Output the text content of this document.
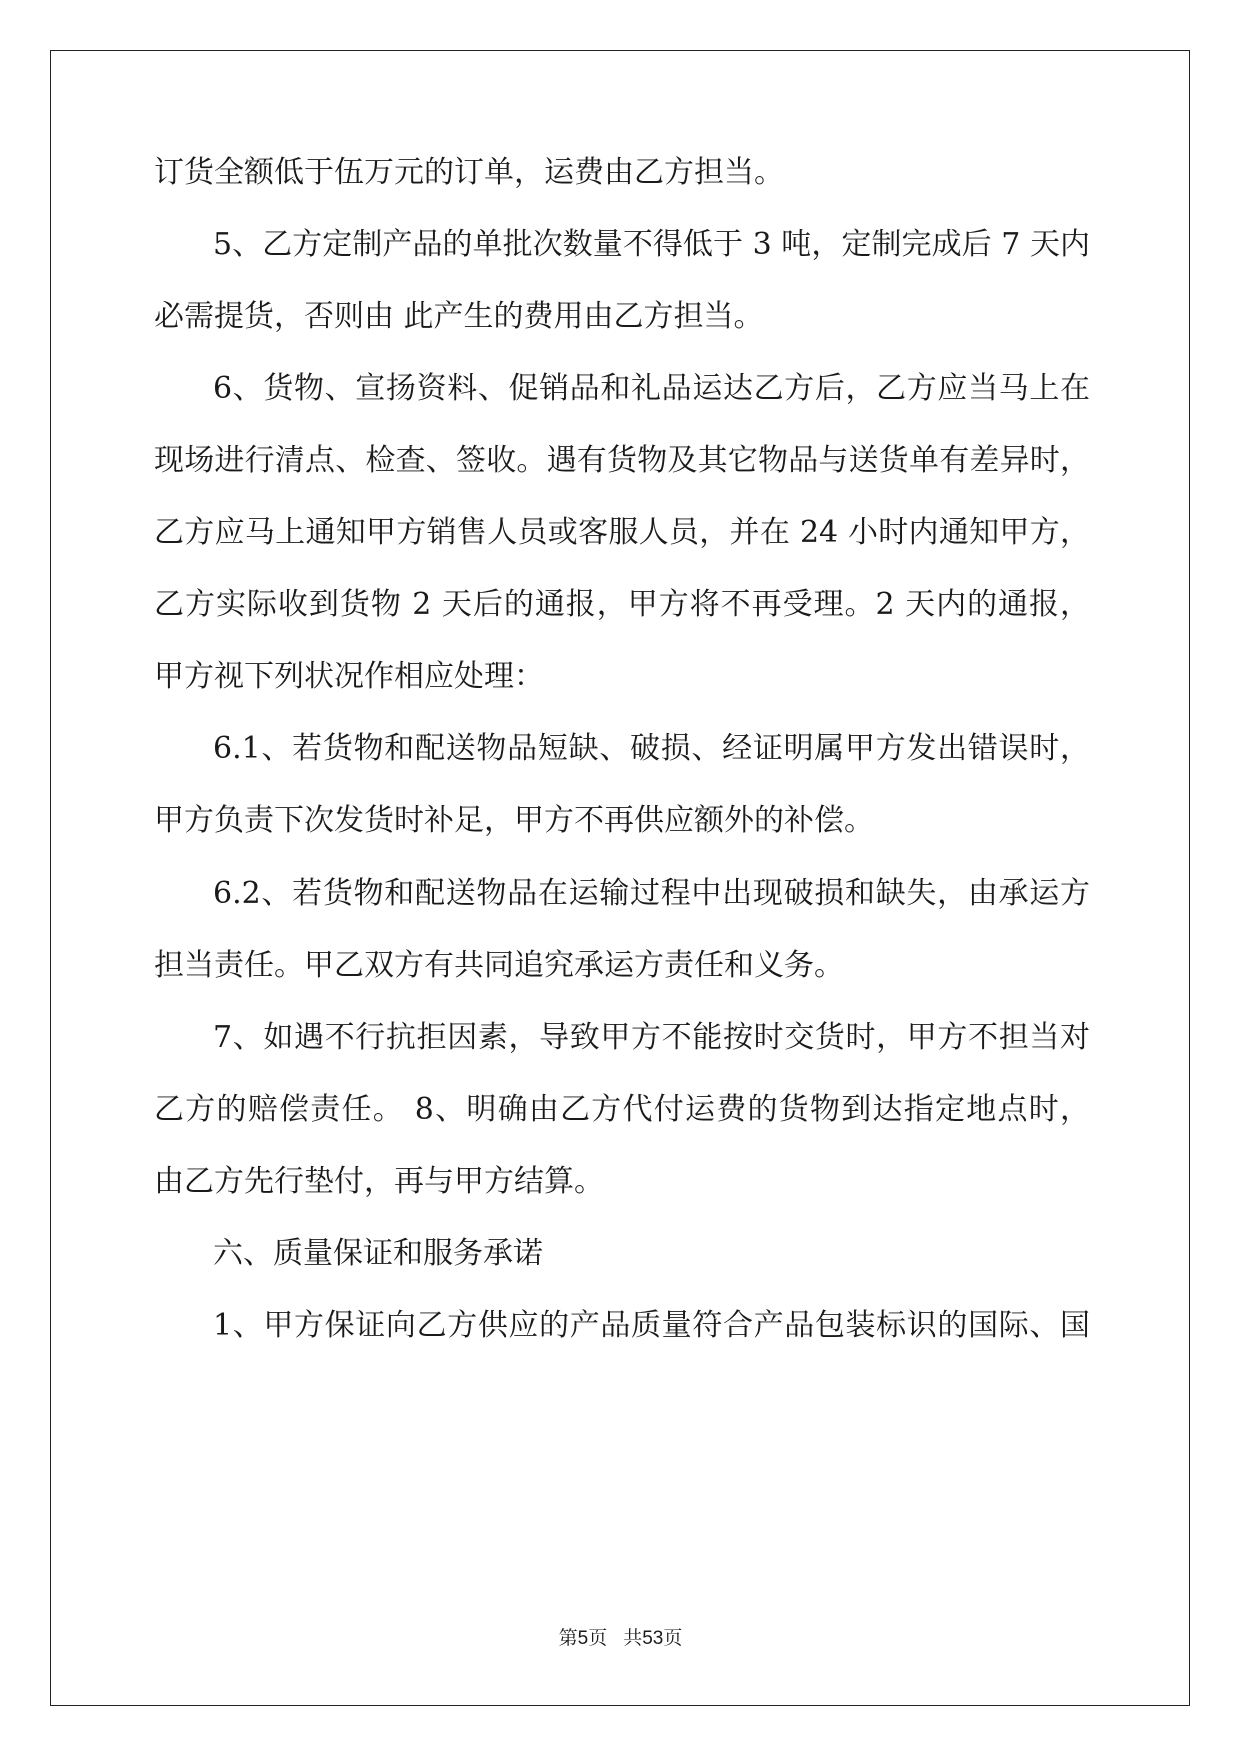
订货全额低于伍万元的订单，运费由乙方担当。
5、乙方定制产品的单批次数量不得低于 3 吨，定制完成后 7 天内
必需提货，否则由 此产生的费用由乙方担当。
6、货物、宣扬资料、促销品和礼品运达乙方后，乙方应当马上在
现场进行清点、检查、签收。遇有货物及其它物品与送货单有差异时，
乙方应马上通知甲方销售人员或客服人员，并在 24 小时内通知甲方，
乙方实际收到货物 2 天后的通报，甲方将不再受理。2 天内的通报，
甲方视下列状况作相应处理：
6.1、若货物和配送物品短缺、破损、经证明属甲方发出错误时，
甲方负责下次发货时补足，甲方不再供应额外的补偿。
6.2、若货物和配送物品在运输过程中出现破损和缺失，由承运方
担当责任。甲乙双方有共同追究承运方责任和义务。
7、如遇不行抗拒因素，导致甲方不能按时交货时，甲方不担当对
乙方的赔偿责任。 8、明确由乙方代付运费的货物到达指定地点时，
由乙方先行垫付，再与甲方结算。
六、质量保证和服务承诺
1、甲方保证向乙方供应的产品质量符合产品包装标识的国际、国
第5页 共53页
